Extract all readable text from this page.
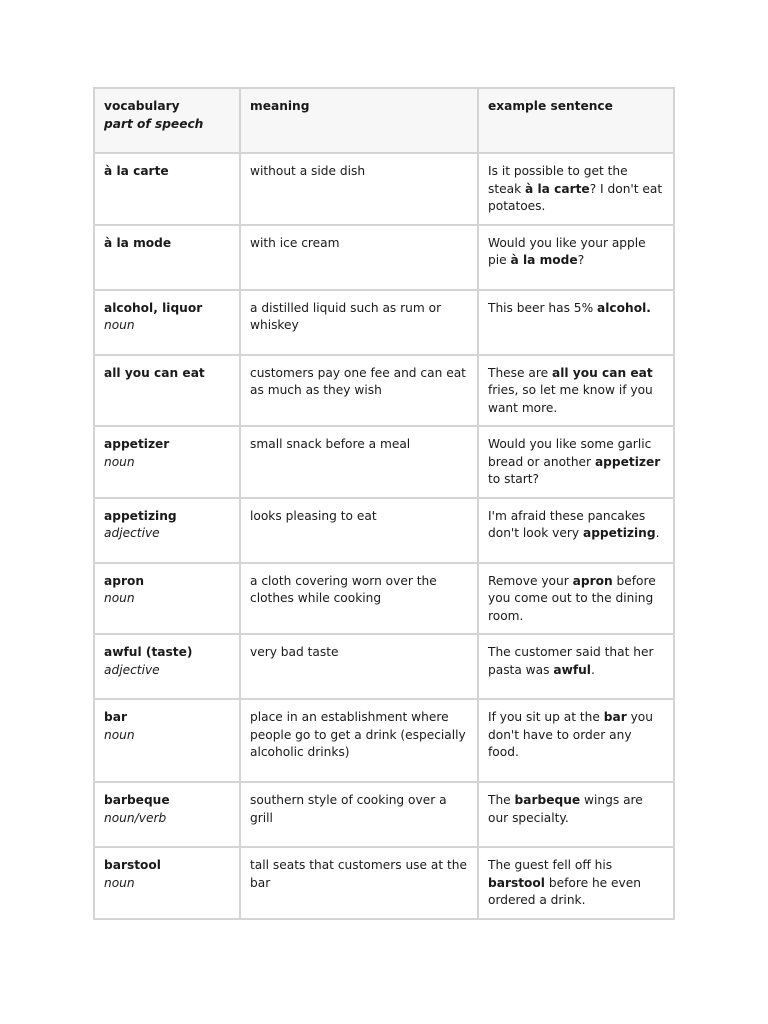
vocabulary
part of speech	meaning	example sentence

à la carte	without a side dish	Is it possible to get the steak à la carte? I don't eat potatoes.

à la mode	with ice cream	Would you like your apple pie à la mode?

alcohol, liquor
noun	a distilled liquid such as rum or whiskey	This beer has 5% alcohol.

all you can eat	customers pay one fee and can eat as much as they wish	These are all you can eat fries, so let me know if you want more.

appetizer
noun	small snack before a meal	Would you like some garlic bread or another appetizer to start?

appetizing
adjective	looks pleasing to eat	I'm afraid these pancakes don't look very appetizing.

apron
noun	a cloth covering worn over the clothes while cooking	Remove your apron before you come out to the dining room.

awful (taste)
adjective	very bad taste	The customer said that her pasta was awful.

bar
noun	place in an establishment where people go to get a drink (especially alcoholic drinks)	If you sit up at the bar you don't have to order any food.

barbeque
noun/verb	southern style of cooking over a grill	The barbeque wings are our specialty.

barstool
noun	tall seats that customers use at the bar	The guest fell off his barstool before he even ordered a drink.
